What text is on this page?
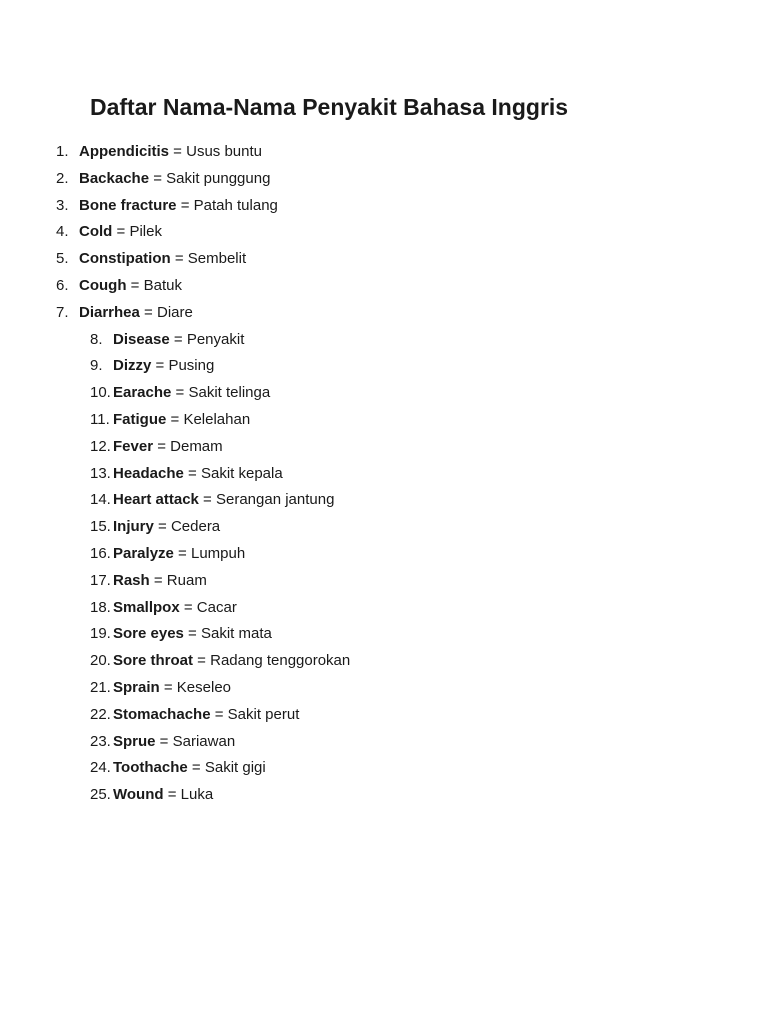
Daftar Nama-Nama Penyakit Bahasa Inggris
1. Appendicitis = Usus buntu
2. Backache = Sakit punggung
3. Bone fracture = Patah tulang
4. Cold = Pilek
5. Constipation = Sembelit
6. Cough = Batuk
7. Diarrhea = Diare
8. Disease = Penyakit
9. Dizzy = Pusing
10. Earache = Sakit telinga
11. Fatigue = Kelelahan
12. Fever = Demam
13. Headache = Sakit kepala
14. Heart attack = Serangan jantung
15. Injury = Cedera
16. Paralyze = Lumpuh
17. Rash = Ruam
18. Smallpox = Cacar
19. Sore eyes = Sakit mata
20. Sore throat = Radang tenggorokan
21. Sprain = Keseleo
22. Stomachache = Sakit perut
23. Sprue = Sariawan
24. Toothache = Sakit gigi
25. Wound = Luka
